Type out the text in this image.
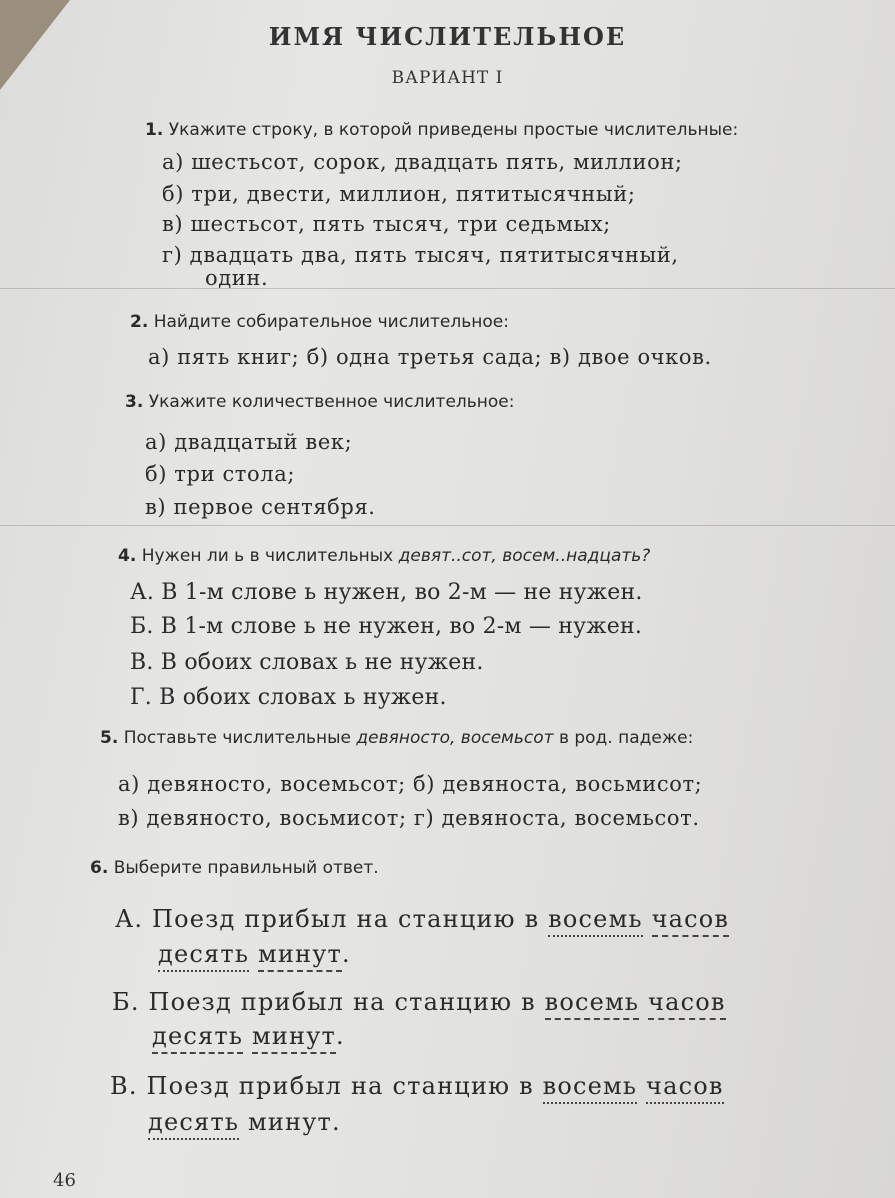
ИМЯ ЧИСЛИТЕЛЬНОЕ
ВАРИАНТ I
1. Укажите строку, в которой приведены простые числительные:
а) шестьсот, сорок, двадцать пять, миллион;
б) три, двести, миллион, пятитысячный;
в) шестьсот, пять тысяч, три седьмых;
г) двадцать два, пять тысяч, пятитысячный,
один.
2. Найдите собирательное числительное:
а) пять книг; б) одна третья сада; в) двое очков.
3. Укажите количественное числительное:
а) двадцатый век;
б) три стола;
в) первое сентября.
4. Нужен ли ь в числительных девят..сот, восем..надцать?
А. В 1-м слове ь нужен, во 2-м — не нужен.
Б. В 1-м слове ь не нужен, во 2-м — нужен.
В. В обоих словах ь не нужен.
Г. В обоих словах ь нужен.
5. Поставьте числительные девяносто, восемьсот в род. падеже:
а) девяносто, восемьсот; б) девяноста, восьмисот;
в) девяносто, восьмисот; г) девяноста, восемьсот.
6. Выберите правильный ответ.
А. Поезд прибыл на станцию в восемь часов
десять минут.
Б. Поезд прибыл на станцию в восемь часов
десять минут.
В. Поезд прибыл на станцию в восемь часов
десять минут.
46
